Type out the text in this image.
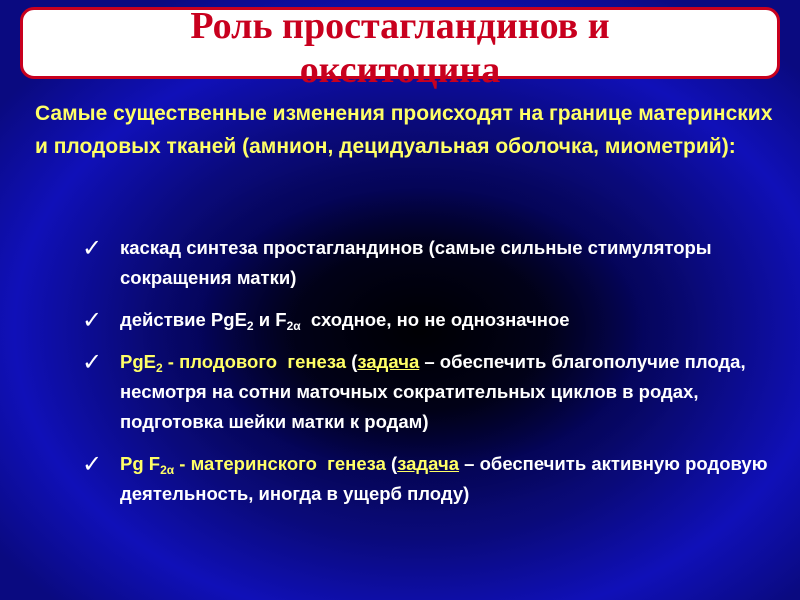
Роль простагландинов и
окситоцина

Самые существенные изменения происходят на границе материнских и плодовых тканей (амнион, децидуальная оболочка, миометрий):

✓ каскад синтеза простагландинов (самые сильные стимуляторы сокращения матки)
✓ действие PgE$_2$ и $F_{2\alpha}$  сходное, но не однозначное
✓ PgE$_2$ - плодового  генеза (задача – обеспечить благополучие плода, несмотря на сотни маточных сократительных циклов в родах, подготовка шейки матки к родам)
✓ Pg $F_{2\alpha}$ - материнского  генеза (задача – обеспечить активную родовую деятельность, иногда в ущерб плоду)
